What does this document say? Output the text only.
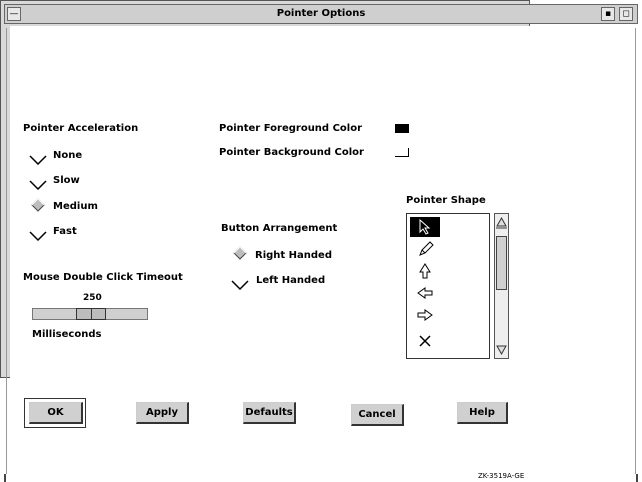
—	Pointer Options	▪	◻
Pointer Acceleration
None
Slow
Medium
Fast
Mouse Double Click Timeout
250
Milliseconds
Pointer Foreground Color
Pointer Background Color
Button Arrangement
Right Handed
Left Handed
Pointer Shape
OK	Apply	Defaults	Cancel	Help
ZK-3519A-GE
